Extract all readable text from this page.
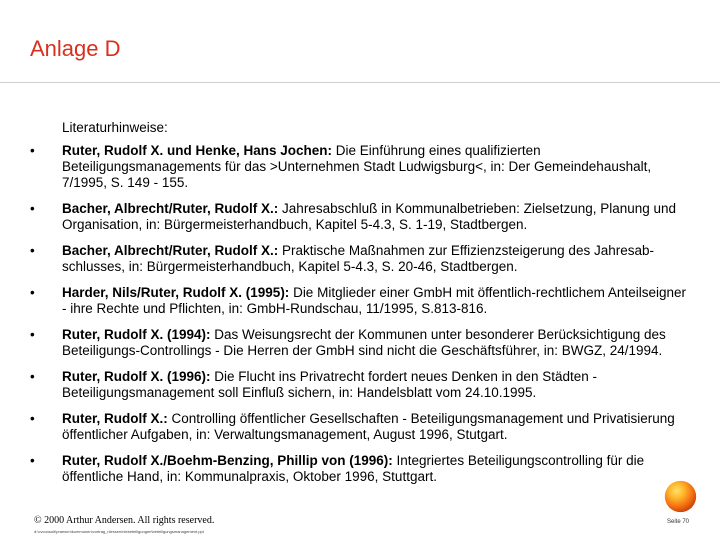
Anlage D
Literaturhinweise:
•	Ruter, Rudolf X. und Henke, Hans Jochen: Die Einführung eines qualifizierten Beteiligungsmanagements für das >Unternehmen Stadt Ludwigsburg<, in: Der Gemeindehaushalt, 7/1995, S. 149 - 155.
•	Bacher, Albrecht/Ruter, Rudolf X.: Jahresabschluß in Kommunalbetrieben: Zielsetzung, Planung und Organisation, in: Bürgermeisterhandbuch, Kapitel 5-4.3, S. 1-19, Stadtbergen.
•	Bacher, Albrecht/Ruter, Rudolf X.: Praktische Maßnahmen zur Effizienzsteigerung des Jahresab-schlusses, in: Bürgermeisterhandbuch, Kapitel 5-4.3, S. 20-46, Stadtbergen.
•	Harder, Nils/Ruter, Rudolf X. (1995): Die Mitglieder einer GmbH mit öffentlich-rechtlichem Anteilseigner - ihre Rechte und Pflichten, in: GmbH-Rundschau, 11/1995, S.813-816.
•	Ruter, Rudolf X. (1994): Das Weisungsrecht der Kommunen unter besonderer Berücksichtigung des Beteiligungs-Controllings - Die Herren der GmbH sind nicht die Geschäftsführer, in: BWGZ, 24/1994.
•	Ruter, Rudolf X. (1996): Die Flucht ins Privatrecht fordert neues Denken in den Städten - Beteiligungsmanagement soll Einfluß sichern, in: Handelsblatt vom 24.10.1995.
•	Ruter, Rudolf X.: Controlling öffentlicher Gesellschaften - Beteiligungsmanagement und Privatisierung öffentlicher Aufgaben, in: Verwaltungsmanagement, August 1996, Stutgart.
•	Ruter, Rudolf X./Boehm-Benzing, Phillip von (1996): Integriertes Beteiligungscontrolling für die öffentliche Hand, in: Kommunalpraxis, Oktober 1996, Stuttgart.
© 2000 Arthur Andersen. All rights reserved.
d:\cvconsult\praesen\kommunen\vortrag_nlessen\nlebeteiligungen\beteiligungsmanagement.ppt
Seite 70
